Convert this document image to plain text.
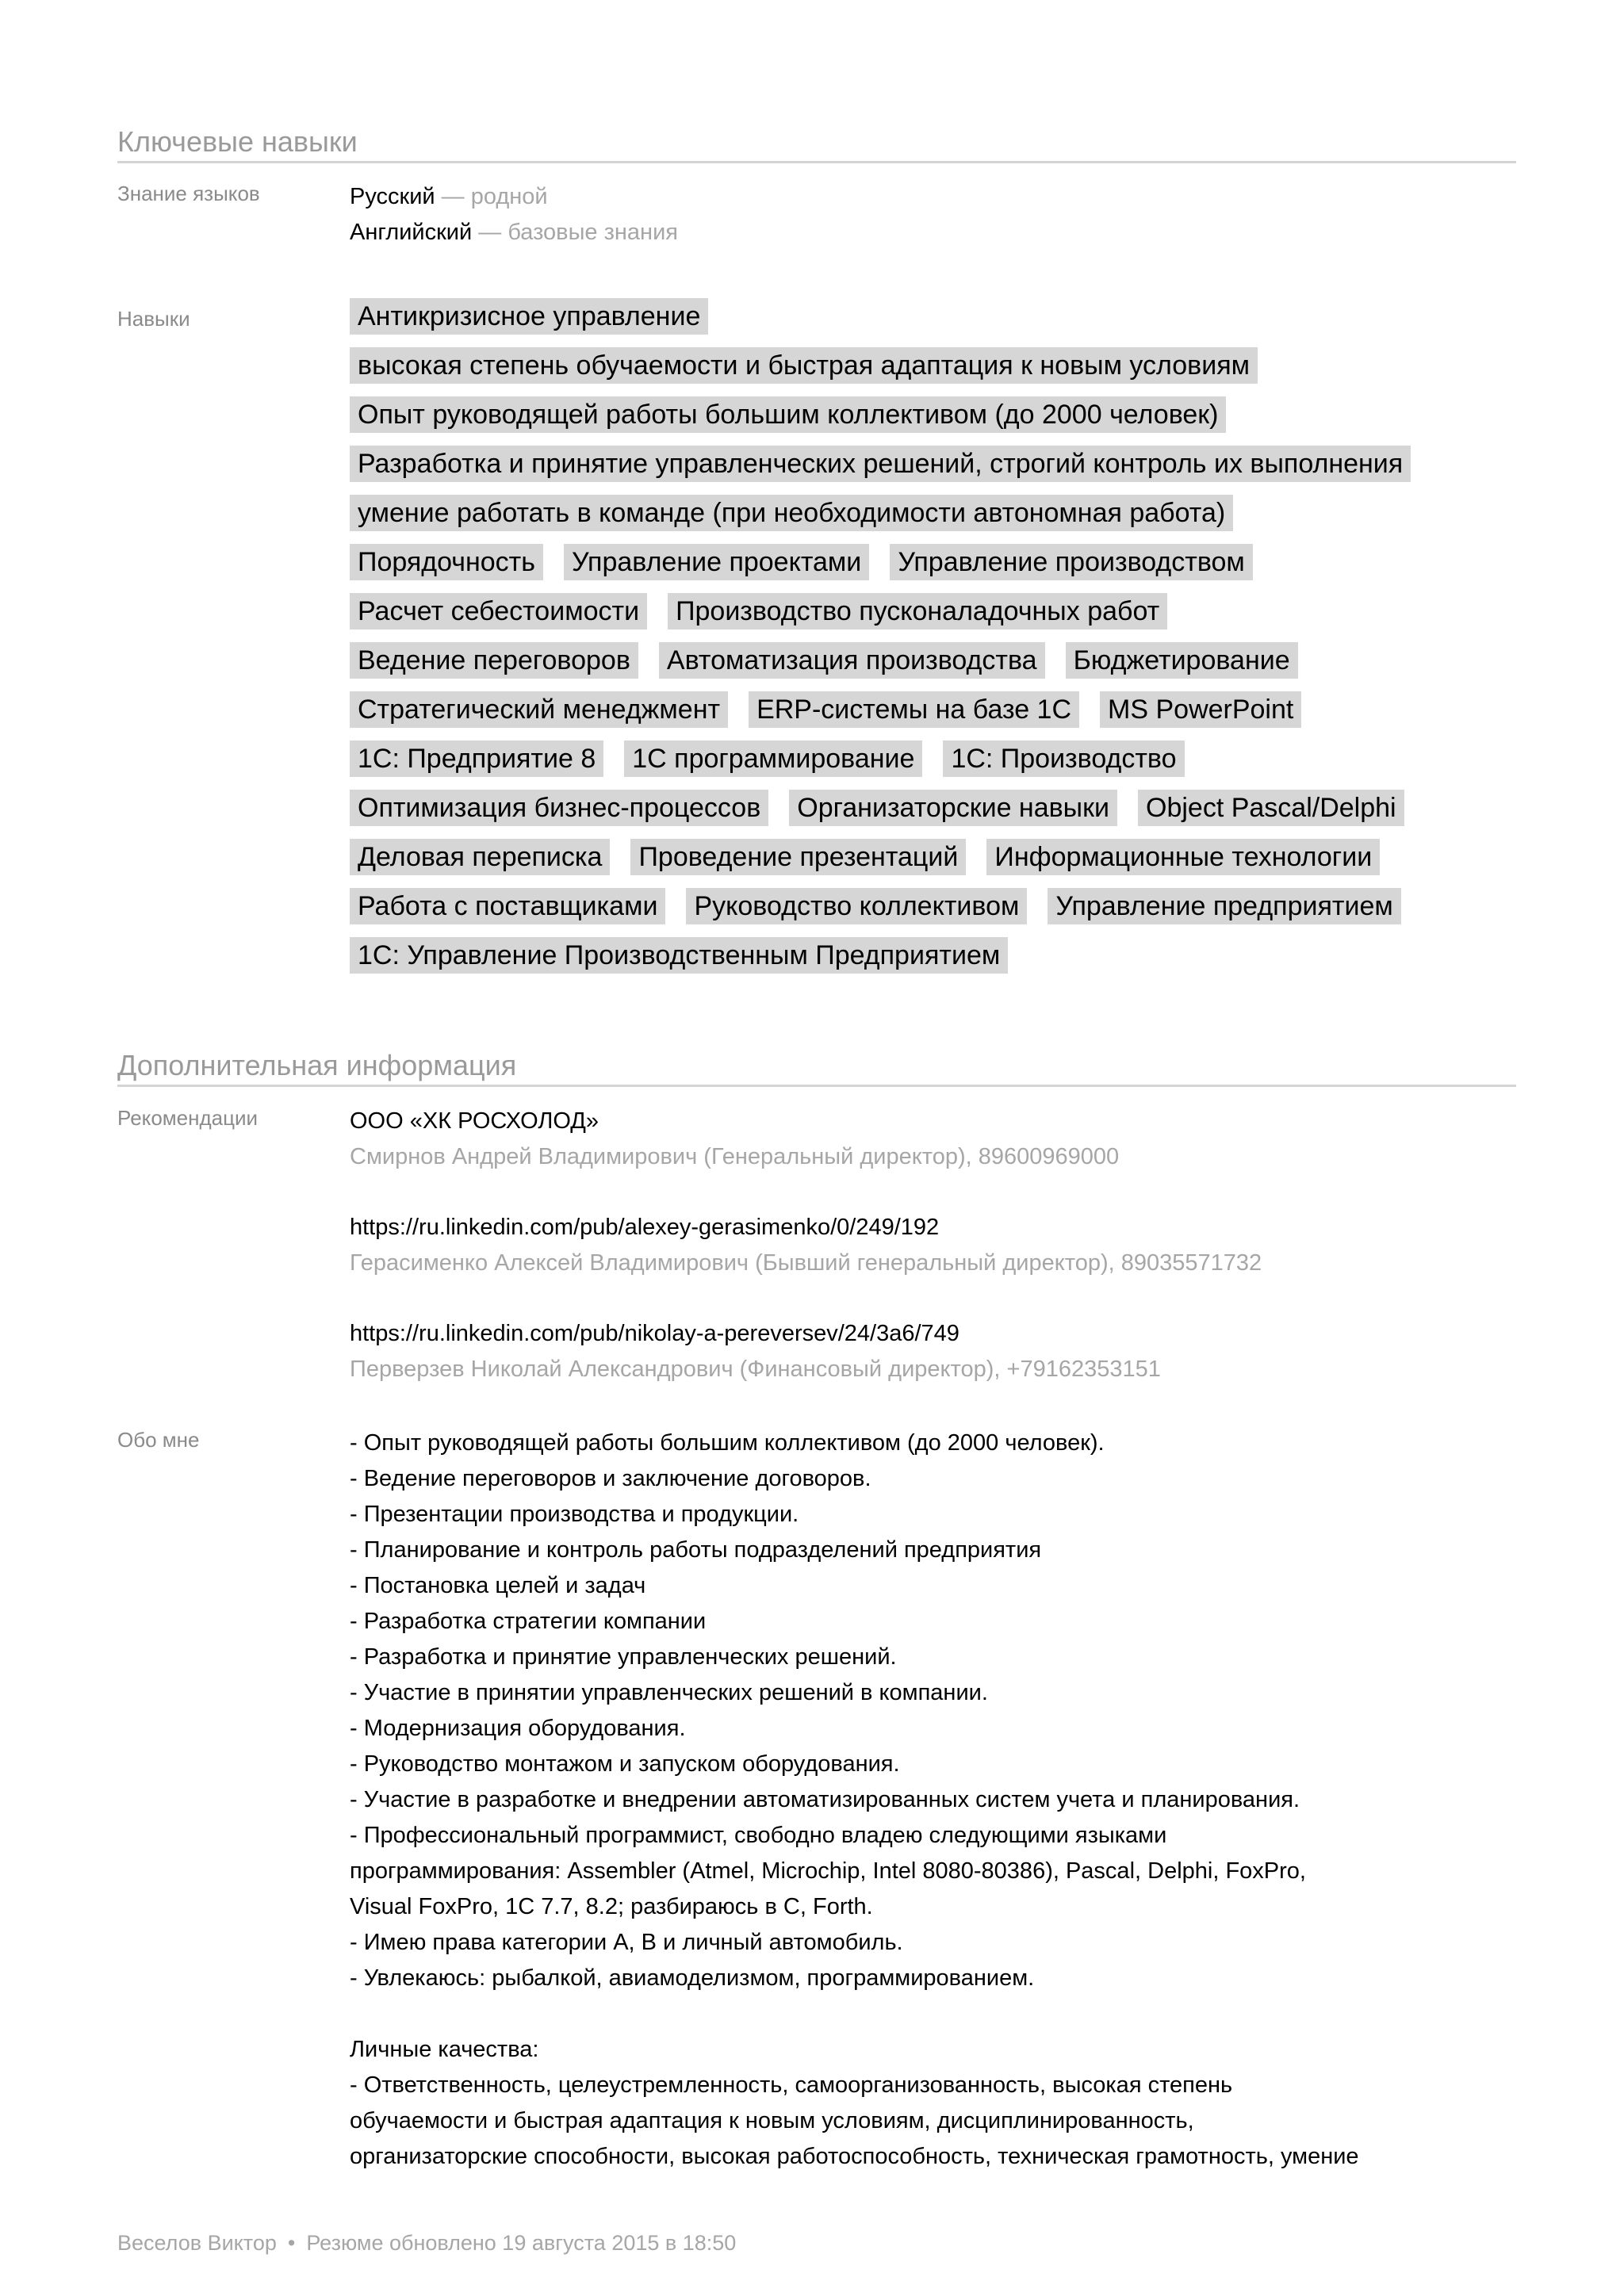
Ключевые навыки
Знание языков	Русский — родной
Английский — базовые знания
Навыки	Антикризисное управление
высокая степень обучаемости и быстрая адаптация к новым условиям
Опыт руководящей работы большим коллективом (до 2000 человек)
Разработка и принятие управленческих решений, строгий контроль их выполнения
умение работать в команде (при необходимости автономная работа)
Порядочность Управление проектами Управление производством
Расчет себестоимости Производство пусконаладочных работ
Ведение переговоров Автоматизация производства Бюджетирование
Стратегический менеджмент ERP-системы на базе 1С MS PowerPoint
1С: Предприятие 8 1С программирование 1С: Производство
Оптимизация бизнес-процессов Организаторские навыки Object Pascal/Delphi
Деловая переписка Проведение презентаций Информационные технологии
Работа с поставщиками Руководство коллективом Управление предприятием
1С: Управление Производственным Предприятием
Дополнительная информация
Рекомендации	ООО «ХК РОСХОЛОД»
Смирнов Андрей Владимирович (Генеральный директор), 89600969000
https://ru.linkedin.com/pub/alexey-gerasimenko/0/249/192
Герасименко Алексей Владимирович (Бывший генеральный директор), 89035571732
https://ru.linkedin.com/pub/nikolay-a-pereversev/24/3a6/749
Перверзев Николай Александрович (Финансовый директор), +79162353151
Обо мне	- Опыт руководящей работы большим коллективом (до 2000 человек).
- Ведение переговоров и заключение договоров.
- Презентации производства и продукции.
- Планирование и контроль работы подразделений предприятия
- Постановка целей и задач
- Разработка стратегии компании
- Разработка и принятие управленческих решений.
- Участие в принятии управленческих решений в компании.
- Модернизация оборудования.
- Руководство монтажом и запуском оборудования.
- Участие в разработке и внедрении автоматизированных систем учета и планирования.
- Профессиональный программист, свободно владею следующими языками
программирования: Assembler (Atmel, Microchip, Intel 8080-80386), Pascal, Delphi, FoxPro,
Visual FoxPro, 1C 7.7, 8.2; разбираюсь в C, Forth.
- Имею права категории A, B и личный автомобиль.
- Увлекаюсь: рыбалкой, авиамоделизмом, программированием.
Личные качества:
- Ответственность, целеустремленность, самоорганизованность, высокая степень
обучаемости и быстрая адаптация к новым условиям, дисциплинированность,
организаторские способности, высокая работоспособность, техническая грамотность, умение
Веселов Виктор • Резюме обновлено 19 августа 2015 в 18:50
